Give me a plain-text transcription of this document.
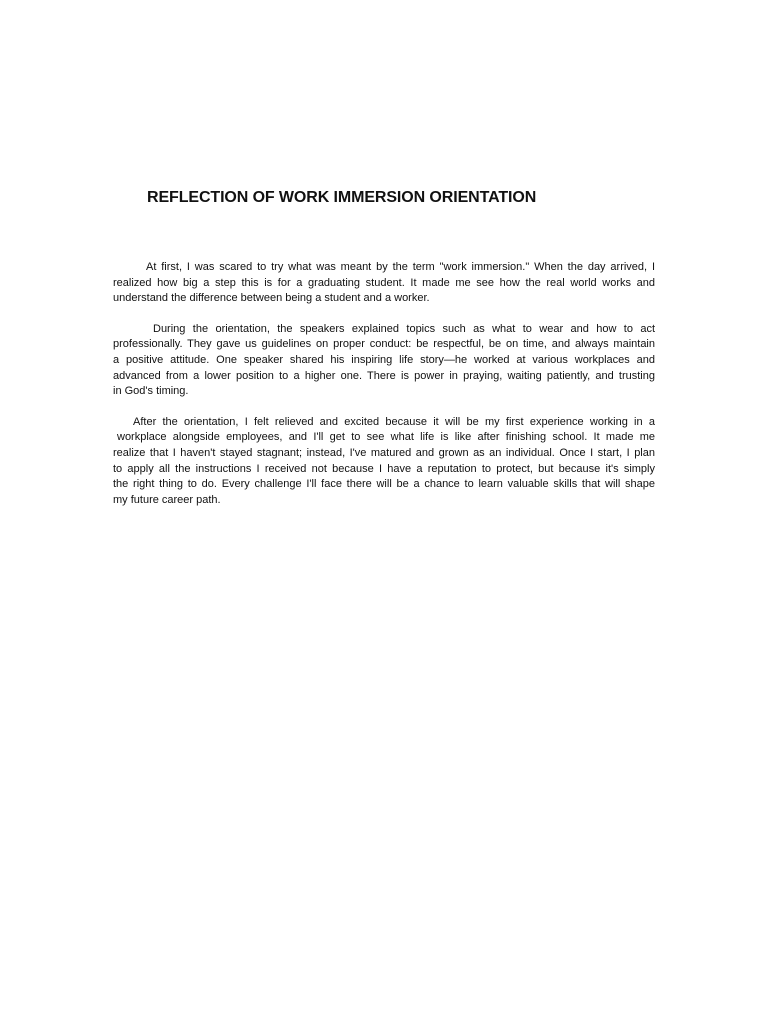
REFLECTION OF WORK IMMERSION ORIENTATION

At first, I was scared to try what was meant by the term "work immersion." When the day arrived, I
realized how big a step this is for a graduating student. It made me see how the real world works and
understand the difference between being a student and a worker.

During the orientation, the speakers explained topics such as what to wear and how to act
professionally. They gave us guidelines on proper conduct: be respectful, be on time, and always maintain
a positive attitude. One speaker shared his inspiring life story—he worked at various workplaces and
advanced from a lower position to a higher one. There is power in praying, waiting patiently, and trusting
in God's timing.

After the orientation, I felt relieved and excited because it will be my first experience working in a
workplace alongside employees, and I'll get to see what life is like after finishing school. It made me
realize that I haven't stayed stagnant; instead, I've matured and grown as an individual. Once I start, I plan
to apply all the instructions I received not because I have a reputation to protect, but because it's simply
the right thing to do. Every challenge I'll face there will be a chance to learn valuable skills that will shape
my future career path.
